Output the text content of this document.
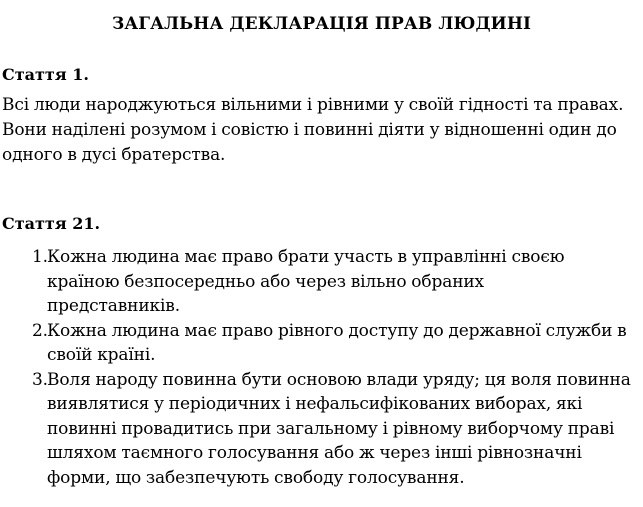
ЗАГАЛЬНА ДЕКЛАРАЦІЯ ПРАВ ЛЮДИНІ
Стаття 1.
Всі люди народжуються вільними і рівними у своїй гідності та правах. Вони наділені розумом і совістю і повинні діяти у відношенні один до одного в дусі братерства.
Стаття 21.
1. Кожна людина має право брати участь в управлінні своєю країною безпосередньо або через вільно обраних представників.
2. Кожна людина має право рівного доступу до державної служби в своїй країні.
3. Воля народу повинна бути основою влади уряду; ця воля повинна виявлятися у періодичних і нефальсифікованих виборах, які повинні провадитись при загальному і рівному виборчому праві шляхом таємного голосування або ж через інші рівнозначні форми, що забезпечують свободу голосування.
